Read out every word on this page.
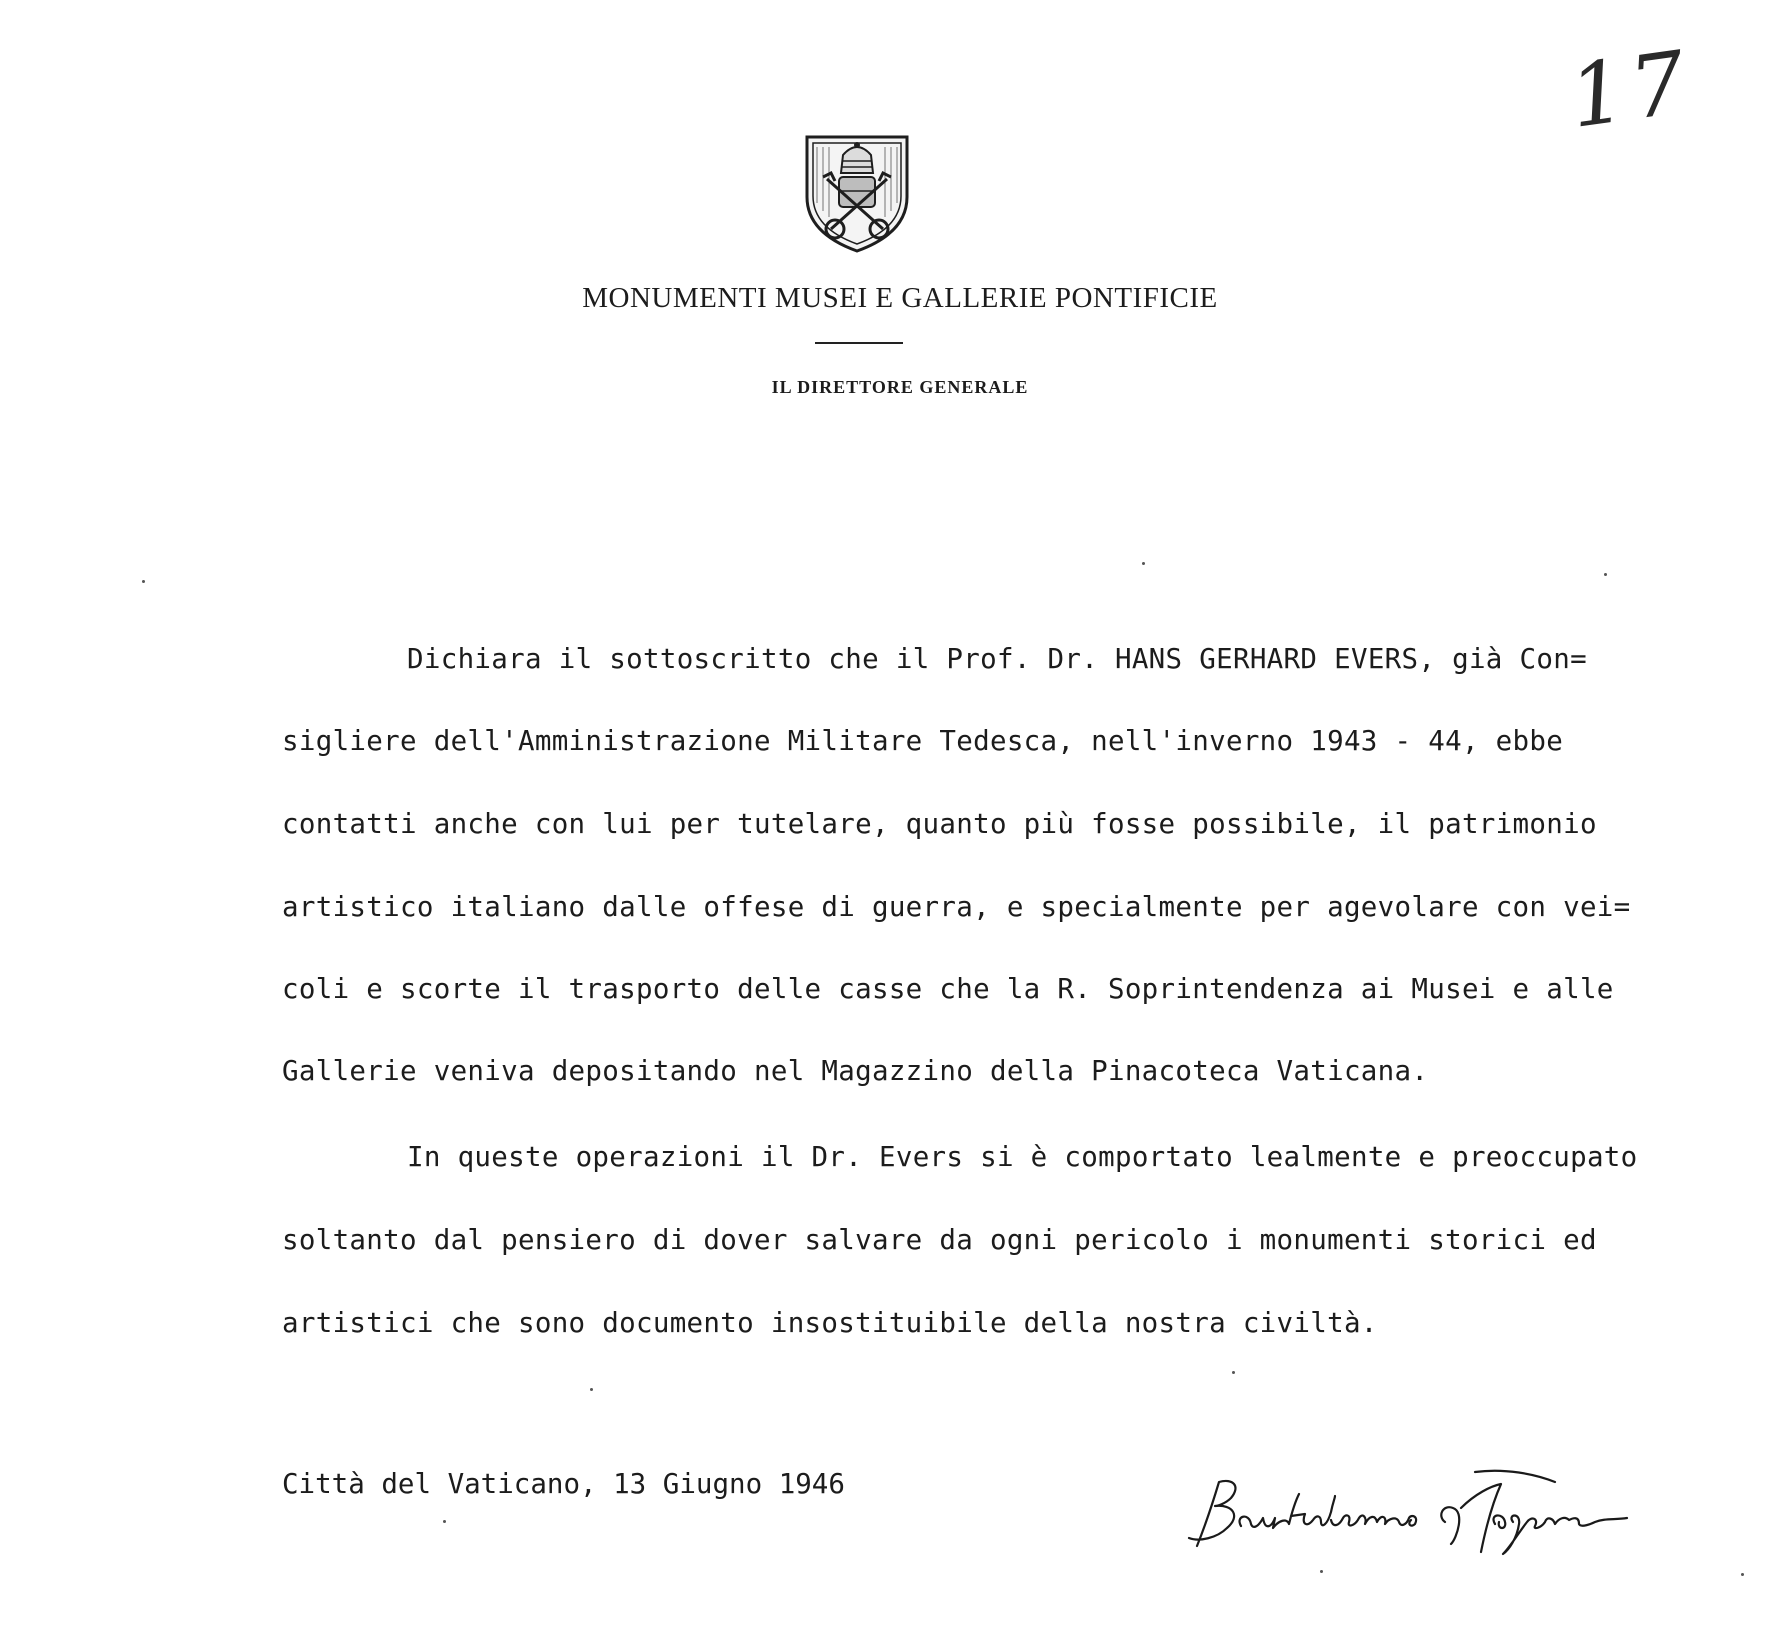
17
MONUMENTI MUSEI E GALLERIE PONTIFICIE
IL DIRETTORE GENERALE
Dichiara il sottoscritto che il Prof. Dr. HANS GERHARD EVERS, già Con=
sigliere dell'Amministrazione Militare Tedesca, nell'inverno 1943 - 44, ebbe
contatti anche con lui per tutelare, quanto più fosse possibile, il patrimonio
artistico italiano dalle offese di guerra, e specialmente per agevolare con vei=
coli e scorte il trasporto delle casse che la R. Soprintendenza ai Musei e alle
Gallerie veniva depositando nel Magazzino della Pinacoteca Vaticana.
In queste operazioni il Dr. Evers si è comportato lealmente e preoccupato
soltanto dal pensiero di dover salvare da ogni pericolo i monumenti storici ed
artistici che sono documento insostituibile della nostra civiltà.
Città del Vaticano, 13 Giugno 1946
